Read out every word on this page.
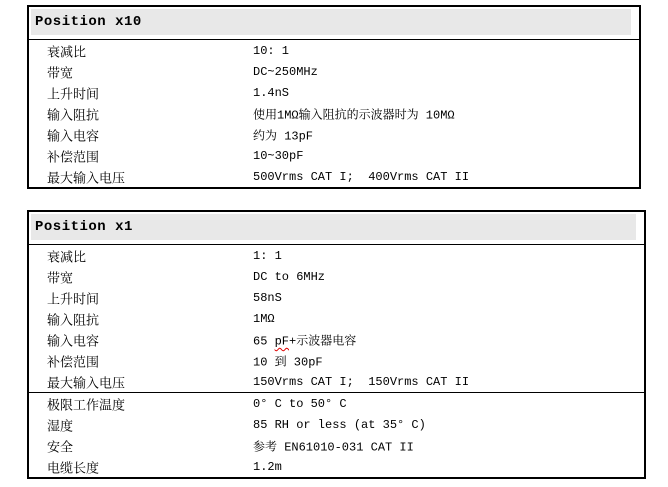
Position x10
衰减比	10: 1
带宽	DC~250MHz
上升时间	1.4nS
输入阻抗	使用1MΩ输入阻抗的示波器时为 10MΩ
输入电容	约为 13pF
补偿范围	10~30pF
最大输入电压	500Vrms CAT I;  400Vrms CAT II
Position x1
衰减比	1: 1
带宽	DC to 6MHz
上升时间	58nS
输入阻抗	1MΩ
输入电容	65 pF+示波器电容
补偿范围	10 到 30pF
最大输入电压	150Vrms CAT I;  150Vrms CAT II
极限工作温度	0° C to 50° C
湿度	85 RH or less (at 35° C)
安全	参考 EN61010-031 CAT II
电缆长度	1.2m
